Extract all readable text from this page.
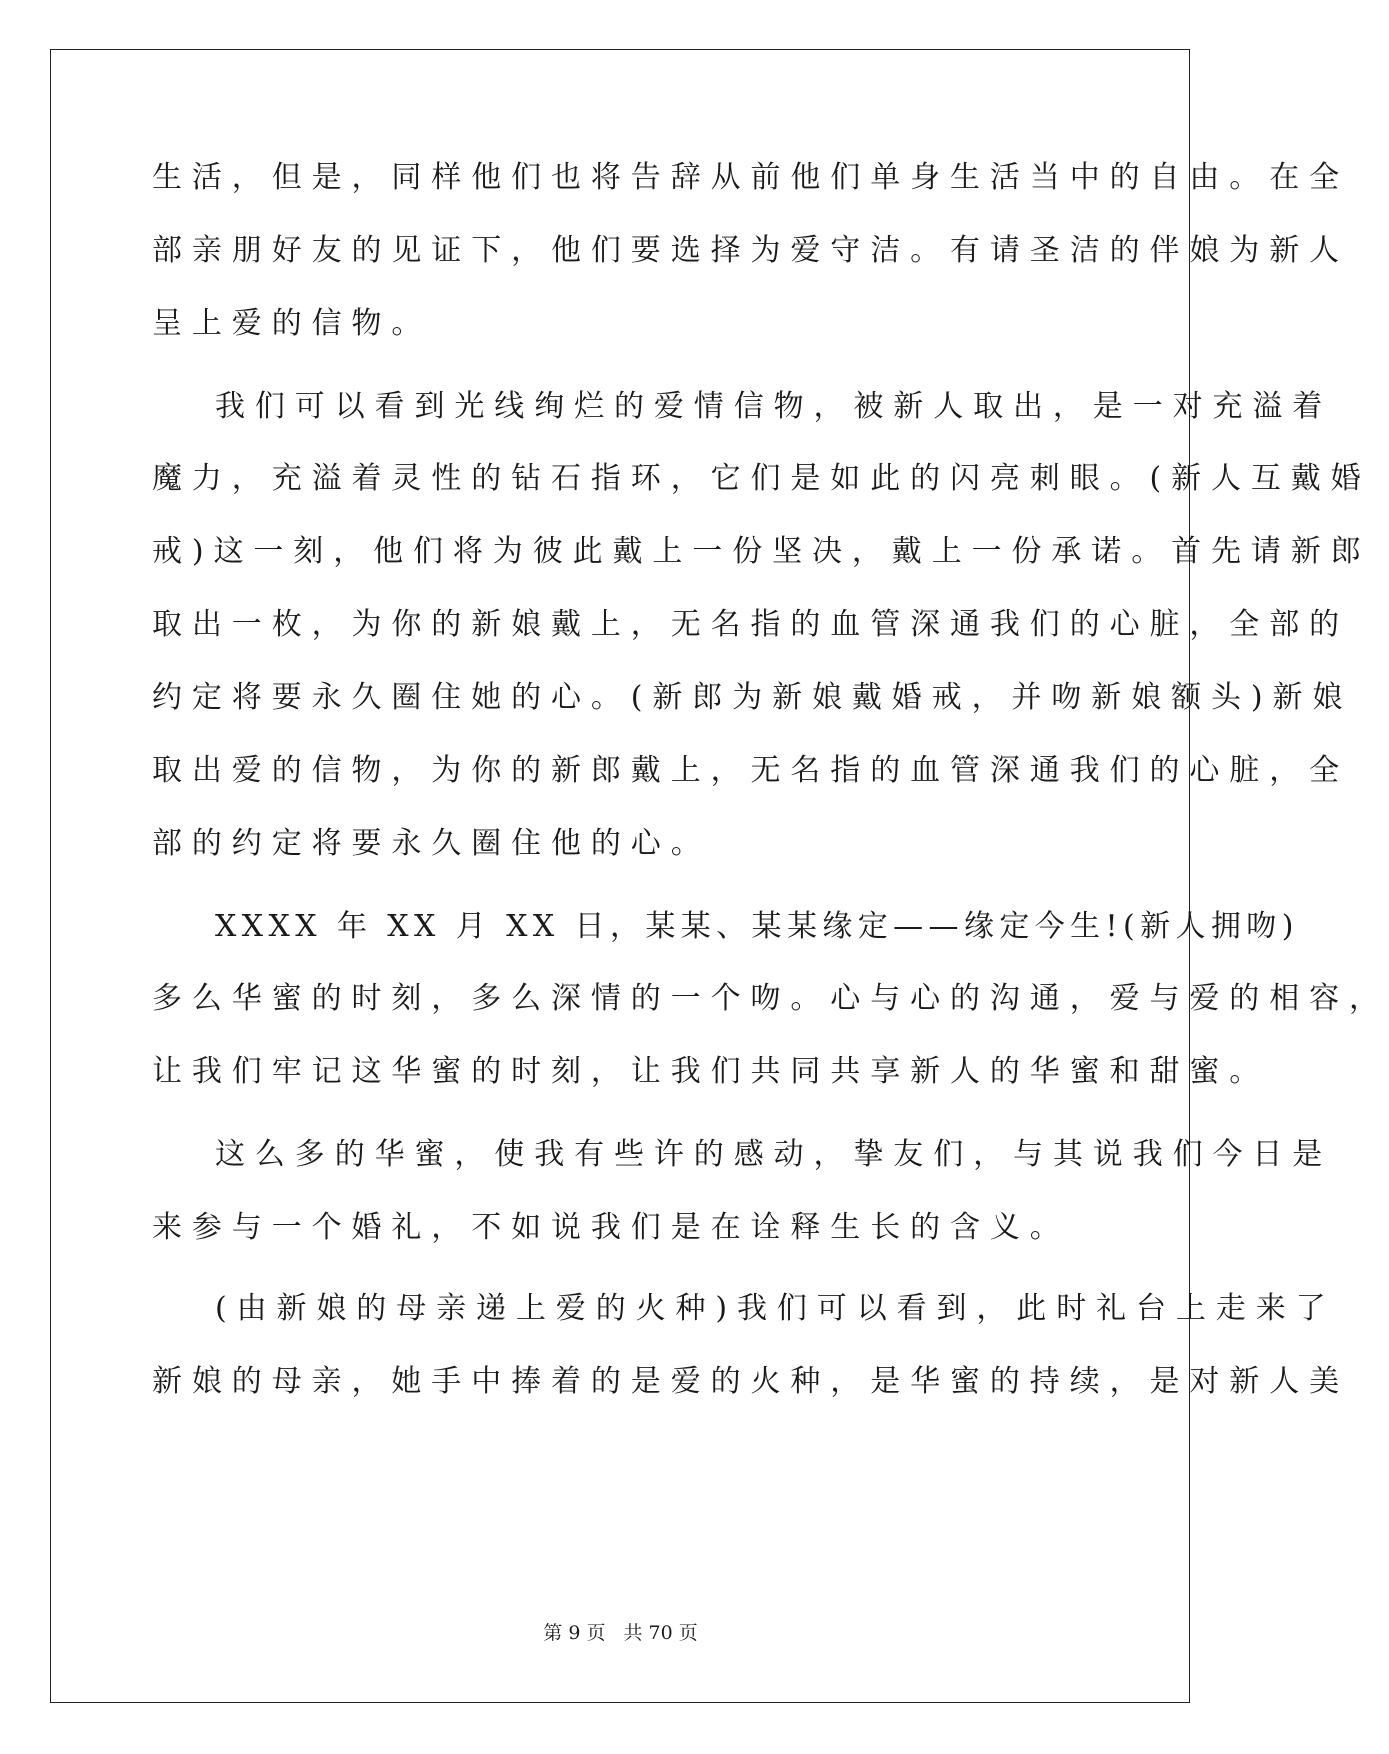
生活，但是，同样他们也将告辞从前他们单身生活当中的自由。在全
部亲朋好友的见证下，他们要选择为爱守洁。有请圣洁的伴娘为新人
呈上爱的信物。
我们可以看到光线绚烂的爱情信物，被新人取出，是一对充溢着
魔力，充溢着灵性的钻石指环，它们是如此的闪亮刺眼。(新人互戴婚
戒)这一刻，他们将为彼此戴上一份坚决，戴上一份承诺。首先请新郎
取出一枚，为你的新娘戴上，无名指的血管深通我们的心脏，全部的
约定将要永久圈住她的心。(新郎为新娘戴婚戒，并吻新娘额头)新娘
取出爱的信物，为你的新郎戴上，无名指的血管深通我们的心脏，全
部的约定将要永久圈住他的心。
XXXX 年 XX 月 XX 日，某某、某某缘定——缘定今生!(新人拥吻)
多么华蜜的时刻，多么深情的一个吻。心与心的沟通，爱与爱的相容，
让我们牢记这华蜜的时刻，让我们共同共享新人的华蜜和甜蜜。
这么多的华蜜，使我有些许的感动，挚友们，与其说我们今日是
来参与一个婚礼，不如说我们是在诠释生长的含义。
(由新娘的母亲递上爱的火种)我们可以看到，此时礼台上走来了
新娘的母亲，她手中捧着的是爱的火种，是华蜜的持续，是对新人美
第 9 页 共 70 页
